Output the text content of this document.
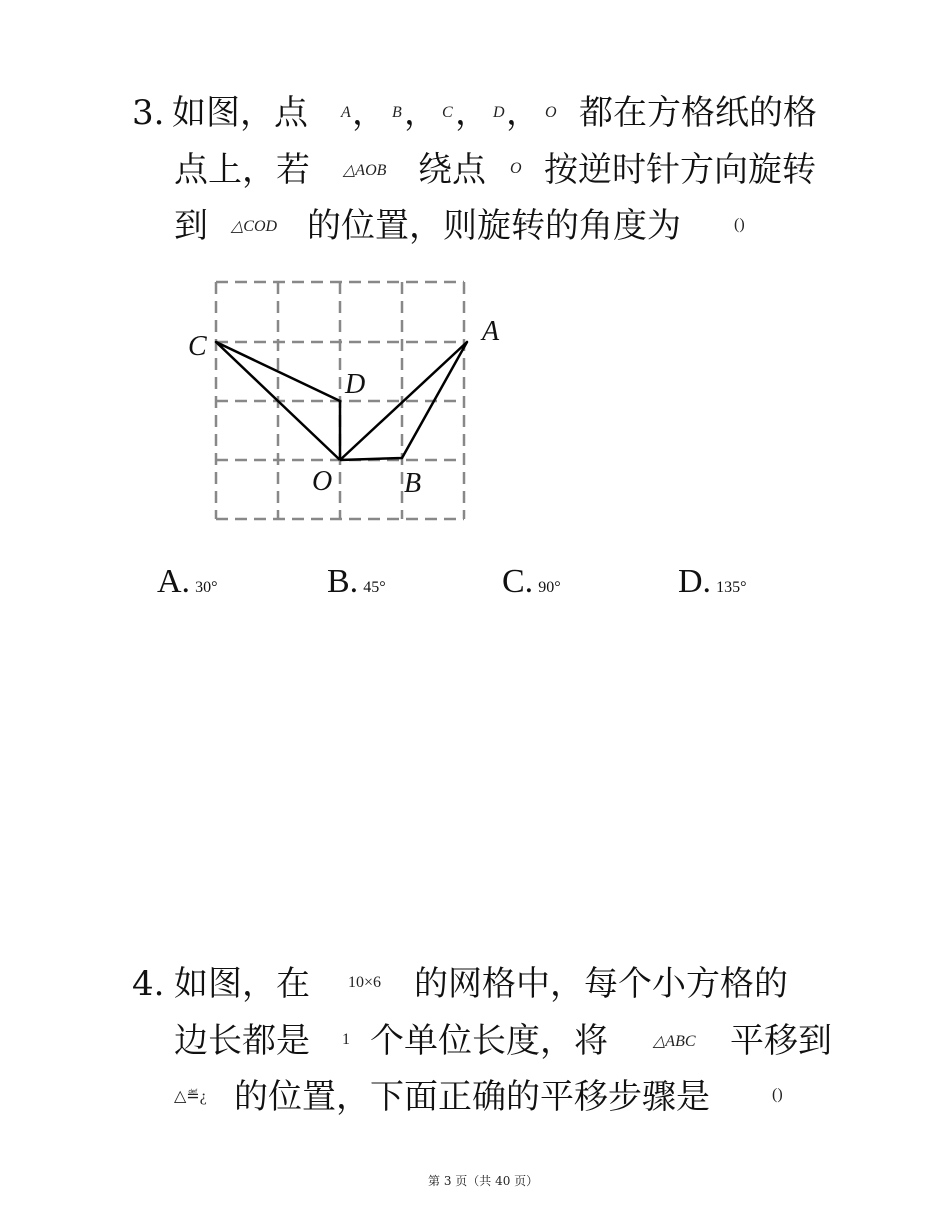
3. 如图，点 A ， B ， C ， D ， O 都在方格纸的格
点上，若 △AOB 绕点 O 按逆时针方向旋转
到 △COD 的位置，则旋转的角度为	()
C	A
D
O	B
A. 30°	B. 45°	C. 90°	D. 135°
4. 如图，在 10×6 的网格中，每个小方格的
边长都是 1 个单位长度，将	△ABC 平移到
△≝¿ 的位置，下面正确的平移步骤是	()
第 3 页（共 40 页）
